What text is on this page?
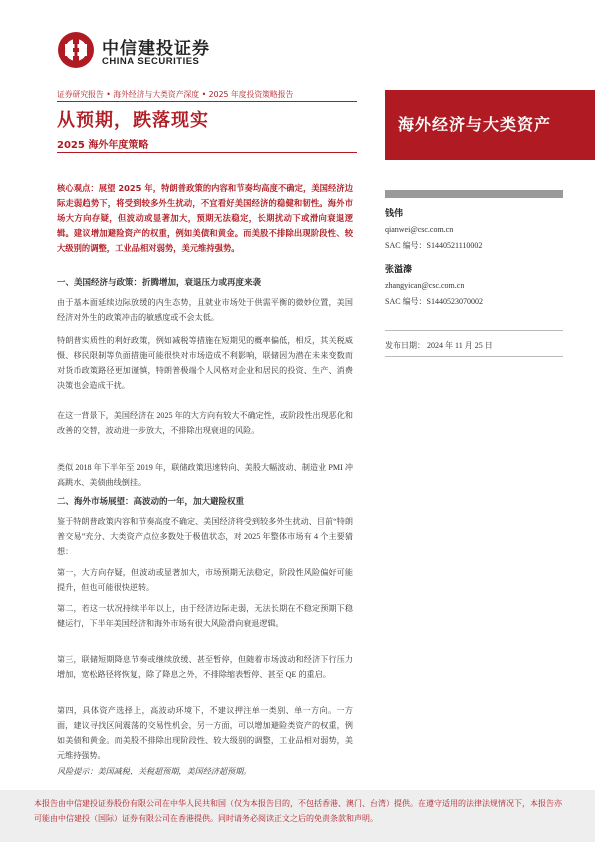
中信建投证券
CHINA SECURITIES
证券研究报告 • 海外经济与大类资产深度 • 2025 年度投资策略报告
从预期，跌落现实
2025 海外年度策略
海外经济与大类资产
钱伟
qianwei@csc.com.cn
SAC 编号：S1440521110002
张溢溱
zhangyican@csc.com.cn
SAC 编号：S1440523070002
发布日期： 2024 年 11 月 25 日
核心观点：展望 2025 年，特朗普政策的内容和节奏均高度不确定，美国经济边际走弱趋势下，将受到较多外生扰动，不宜看好美国经济的稳健和韧性。海外市场大方向存疑，但波动或显著加大，预期无法稳定，长期扰动下或滑向衰退逻辑。建议增加避险资产的权重，例如美债和黄金。而美股不排除出现阶段性、较大级别的调整，工业品相对弱势，美元维持强势。
一、美国经济与政策：折腾增加，衰退压力或再度来袭
由于基本面延续边际放缓的内生态势，且就业市场处于供需平衡的微妙位置，美国经济对外生的政策冲击的敏感度或不会太低。
特朗普实质性的利好政策，例如减税等措施在短期见的概率偏低，相反，其关税威慑、移民限制等负面措施可能很快对市场造成不利影响，联储因为潜在未来变数而对货币政策路径更加谨慎，特朗普极端个人风格对企业和居民的投资、生产、消费决策也会造成干扰。
在这一背景下，美国经济在 2025 年的大方向有较大不确定性，或阶段性出现恶化和改善的交替，波动进一步放大，不排除出现衰退的风险。
类似 2018 年下半年至 2019 年，联储政策迅速转向、美股大幅波动、制造业 PMI 冲高跳水、美债曲线倒挂。
二、海外市场展望：高波动的一年，加大避险权重
鉴于特朗普政策内容和节奏高度不确定、美国经济将受到较多外生扰动、目前“特朗普交易”充分、大类资产点位多数处于极值状态，对 2025 年整体市场有 4 个主要猜想：
第一，大方向存疑，但波动或显著加大，市场预期无法稳定，阶段性风险偏好可能提升，但也可能很快逆转。
第二，若这一状况持续半年以上，由于经济边际走弱，无法长期在不稳定预期下稳健运行，下半年美国经济和海外市场有很大风险滑向衰退逻辑。
第三，联储短期降息节奏或继续放缓、甚至暂停，但随着市场波动和经济下行压力增加，宽松路径将恢复，除了降息之外，不排除缩表暂停、甚至 QE 的重启。
第四，具体资产选择上，高波动环境下，不建议押注单一类别、单一方向。一方面，建议寻找区间震荡的交易性机会，另一方面，可以增加避险类资产的权重，例如美债和黄金。而美股不排除出现阶段性、较大级别的调整，工业品相对弱势，美元维持强势。
风险提示：美国减税、关税超预期，美国经济超预期。
本报告由中信建投证券股份有限公司在中华人民共和国（仅为本报告目的，不包括香港、澳门、台湾）提供。在遵守适用的法律法规情况下，本报告亦可能由中信建投（国际）证券有限公司在香港提供。同时请务必阅读正文之后的免责条款和声明。
